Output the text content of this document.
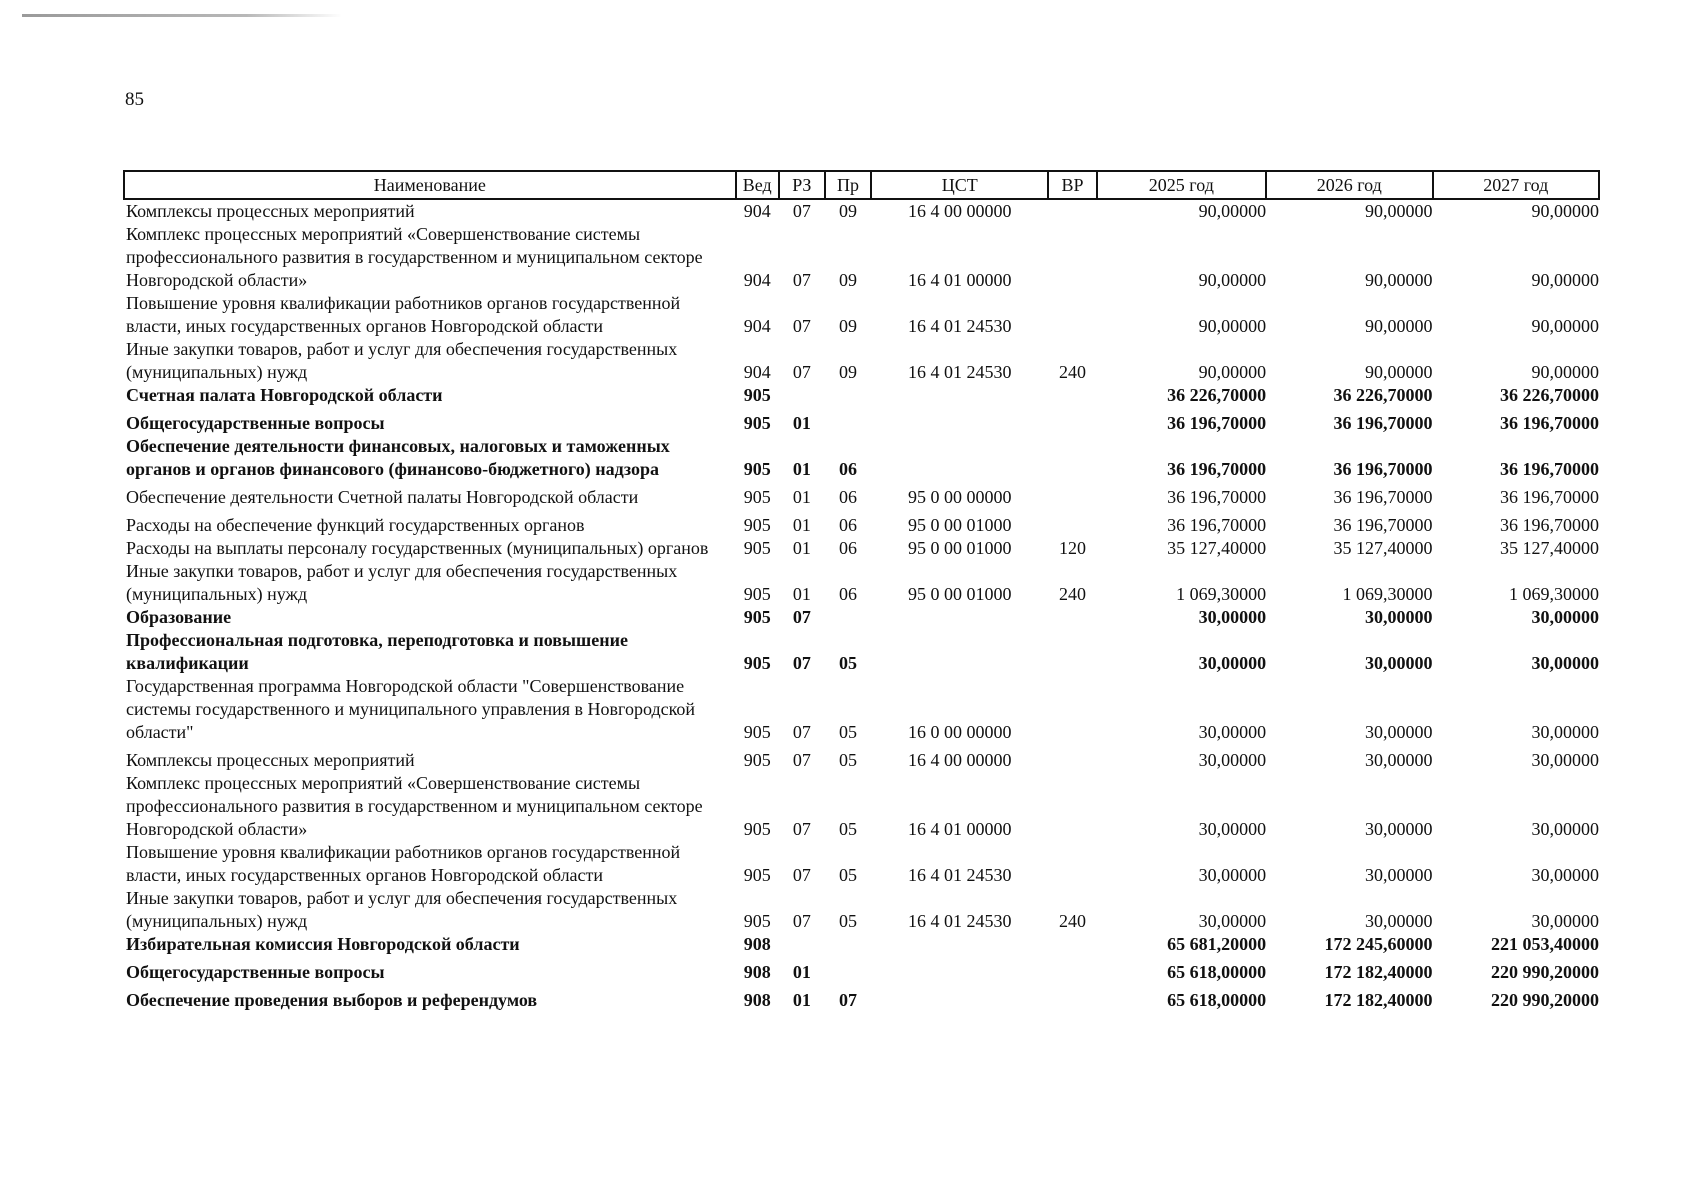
85
Наименование	Вед	РЗ	Пр	ЦСТ	ВР	2025 год	2026 год	2027 год
Комплексы процессных мероприятий	904	07	09	16 4 00 00000		90,00000	90,00000	90,00000
Комплекс процессных мероприятий «Совершенствование системы профессионального развития в государственном и муниципальном секторе Новгородской области»	904	07	09	16 4 01 00000		90,00000	90,00000	90,00000
Повышение уровня квалификации работников органов государственной власти, иных государственных органов Новгородской области	904	07	09	16 4 01 24530		90,00000	90,00000	90,00000
Иные закупки товаров, работ и услуг для обеспечения государственных (муниципальных) нужд	904	07	09	16 4 01 24530	240	90,00000	90,00000	90,00000
Счетная палата Новгородской области	905					36 226,70000	36 226,70000	36 226,70000
Общегосударственные вопросы	905	01				36 196,70000	36 196,70000	36 196,70000
Обеспечение деятельности финансовых, налоговых и таможенных органов и органов финансового (финансово-бюджетного) надзора	905	01	06			36 196,70000	36 196,70000	36 196,70000
Обеспечение деятельности Счетной палаты Новгородской области	905	01	06	95 0 00 00000		36 196,70000	36 196,70000	36 196,70000
Расходы на обеспечение функций государственных органов	905	01	06	95 0 00 01000		36 196,70000	36 196,70000	36 196,70000
Расходы на выплаты персоналу государственных (муниципальных) органов	905	01	06	95 0 00 01000	120	35 127,40000	35 127,40000	35 127,40000
Иные закупки товаров, работ и услуг для обеспечения государственных (муниципальных) нужд	905	01	06	95 0 00 01000	240	1 069,30000	1 069,30000	1 069,30000
Образование	905	07				30,00000	30,00000	30,00000
Профессиональная подготовка, переподготовка и повышение квалификации	905	07	05			30,00000	30,00000	30,00000
Государственная программа Новгородской области "Совершенствование системы государственного и муниципального управления в Новгородской области"	905	07	05	16 0 00 00000		30,00000	30,00000	30,00000
Комплексы процессных мероприятий	905	07	05	16 4 00 00000		30,00000	30,00000	30,00000
Комплекс процессных мероприятий «Совершенствование системы профессионального развития в государственном и муниципальном секторе Новгородской области»	905	07	05	16 4 01 00000		30,00000	30,00000	30,00000
Повышение уровня квалификации работников органов государственной власти, иных государственных органов Новгородской области	905	07	05	16 4 01 24530		30,00000	30,00000	30,00000
Иные закупки товаров, работ и услуг для обеспечения государственных (муниципальных) нужд	905	07	05	16 4 01 24530	240	30,00000	30,00000	30,00000
Избирательная комиссия Новгородской области	908					65 681,20000	172 245,60000	221 053,40000
Общегосударственные вопросы	908	01				65 618,00000	172 182,40000	220 990,20000
Обеспечение проведения выборов и референдумов	908	01	07			65 618,00000	172 182,40000	220 990,20000
